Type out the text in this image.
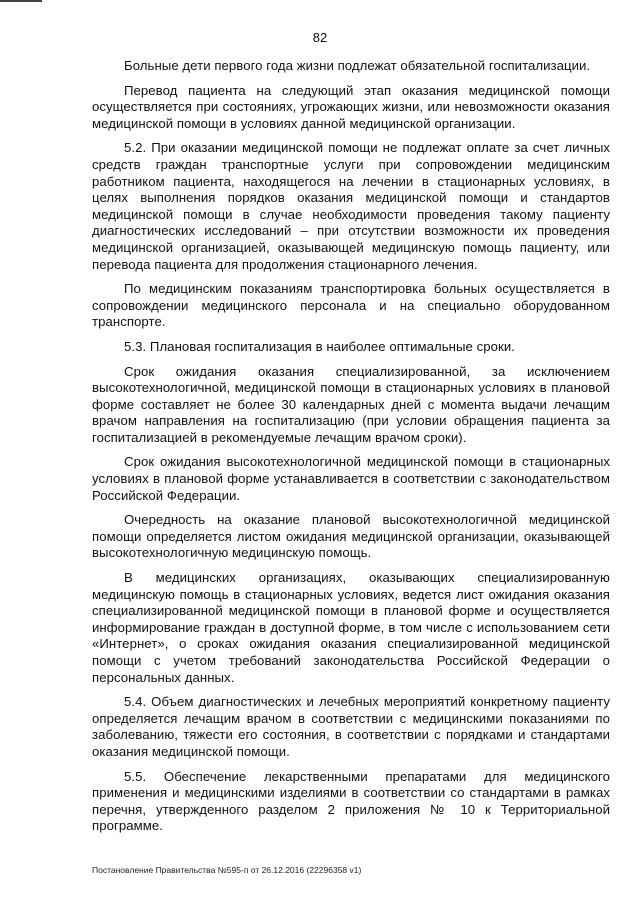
82

Больные дети первого года жизни подлежат обязательной госпитализации.

Перевод пациента на следующий этап оказания медицинской помощи осуществляется при состояниях, угрожающих жизни, или невозможности оказания медицинской помощи в условиях данной медицинской организации.

5.2. При оказании медицинской помощи не подлежат оплате за счет личных средств граждан транспортные услуги при сопровождении медицинским работником пациента, находящегося на лечении в стационарных условиях, в целях выполнения порядков оказания медицинской помощи и стандартов медицинской помощи в случае необходимости проведения такому пациенту диагностических исследований – при отсутствии возможности их проведения медицинской организацией, оказывающей медицинскую помощь пациенту, или перевода пациента для продолжения стационарного лечения.

По медицинским показаниям транспортировка больных осуществляется в сопровождении медицинского персонала и на специально оборудованном транспорте.

5.3. Плановая госпитализация в наиболее оптимальные сроки.

Срок ожидания оказания специализированной, за исключением высокотехнологичной, медицинской помощи в стационарных условиях в плановой форме составляет не более 30 календарных дней с момента выдачи лечащим врачом направления на госпитализацию (при условии обращения пациента за госпитализацией в рекомендуемые лечащим врачом сроки).

Срок ожидания высокотехнологичной медицинской помощи в стационарных условиях в плановой форме устанавливается в соответствии с законодательством Российской Федерации.

Очередность на оказание плановой высокотехнологичной медицинской помощи определяется листом ожидания медицинской организации, оказывающей высокотехнологичную медицинскую помощь.

В медицинских организациях, оказывающих специализированную медицинскую помощь в стационарных условиях, ведется лист ожидания оказания специализированной медицинской помощи в плановой форме и осуществляется информирование граждан в доступной форме, в том числе с использованием сети «Интернет», о сроках ожидания оказания специализированной медицинской помощи с учетом требований законодательства Российской Федерации о персональных данных.

5.4. Объем диагностических и лечебных мероприятий конкретному пациенту определяется лечащим врачом в соответствии с медицинскими показаниями по заболеванию, тяжести его состояния, в соответствии с порядками и стандартами оказания медицинской помощи.

5.5. Обеспечение лекарственными препаратами для медицинского применения и медицинскими изделиями в соответствии со стандартами в рамках перечня, утвержденного разделом 2 приложения № 10 к Территориальной программе.

Постановление Правительства №595-п от 26.12.2016 (22296358 v1)
